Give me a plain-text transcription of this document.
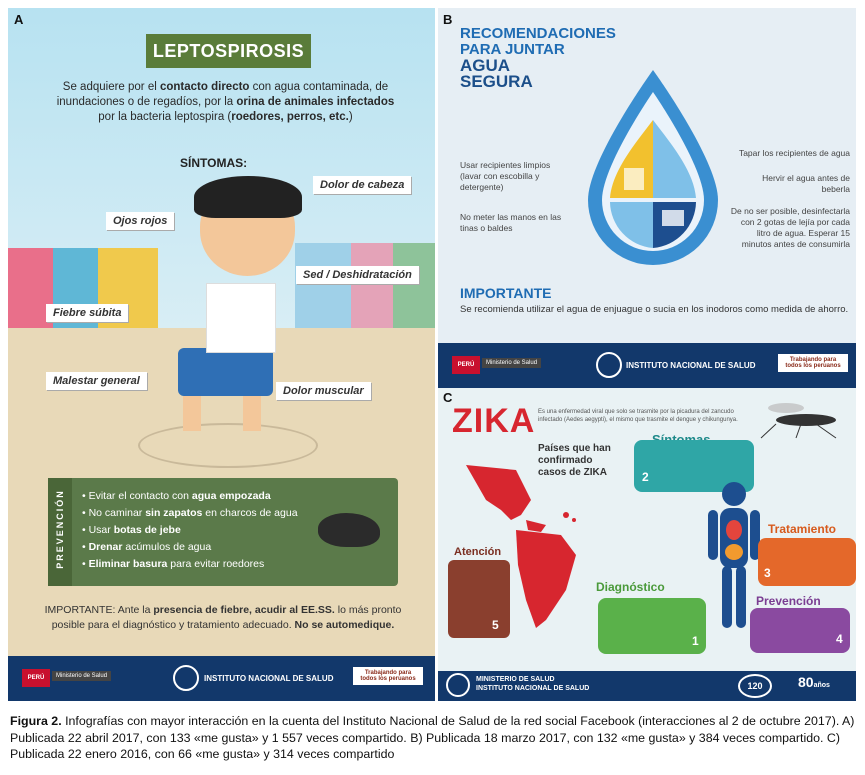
A
LEPTOSPIROSIS
Se adquiere por el contacto directo con agua contaminada, de inundaciones o de regadíos, por la orina de animales infectados por la bacteria leptospira (roedores, perros, etc.)
SÍNTOMAS:
Dolor de cabeza
Ojos rojos
Sed / Deshidratación
Fiebre súbita
Malestar general
Dolor muscular
PREVENCIÓN
•	Evitar el contacto con agua empozada
• No caminar sin zapatos en charcos de agua
• Usar botas de jebe
• Drenar acúmulos de agua
• Eliminar basura para evitar roedores
IMPORTANTE: Ante la presencia de fiebre, acudir al EE.SS. lo más pronto posible para el diagnóstico y tratamiento adecuado. No se automedique.
PERÚ	Ministerio de Salud	INSTITUTO NACIONAL DE SALUD
Trabajando para todos los peruanos
B
RECOMENDACIONES
PARA JUNTAR
AGUA
SEGURA
Usar recipientes limpios (lavar con escobilla y detergente)
No meter las manos en las tinas o baldes
Tapar los recipientes de agua
Hervir el agua antes de beberla
De no ser posible, desinfectarla con 2 gotas de lejía por cada litro de agua. Esperar 15 minutos antes de consumirla
IMPORTANTE
Se recomienda utilizar el agua de enjuague o sucia en los inodoros como medida de ahorro.
PERÚ	Ministerio de Salud	INSTITUTO NACIONAL DE SALUD
Trabajando para todos los peruanos
C
ZIKA Es una enfermedad viral que solo se trasmite por la picadura del zancudo infectado (Aedes aegypti), el mismo que trasmite el dengue y chikungunya.
Países que han confirmado casos de ZIKA	2
Tratamiento
3
Prevención
4
Diagnóstico
1
Atención
5
MINISTERIO DE SALUD
INSTITUTO NACIONAL DE SALUD	120	80años
Figura 2. Infografías con mayor interacción en la cuenta del Instituto Nacional de Salud de la red social Facebook (interacciones al 2 de octubre 2017). A) Publicada 22 abril 2017, con 133 «me gusta» y 1 557 veces compartido. B) Publicada 18 marzo 2017, con 132 «me gusta» y 384 veces compartido. C) Publicada 22 enero 2016, con 66 «me gusta» y 314 veces compartido
